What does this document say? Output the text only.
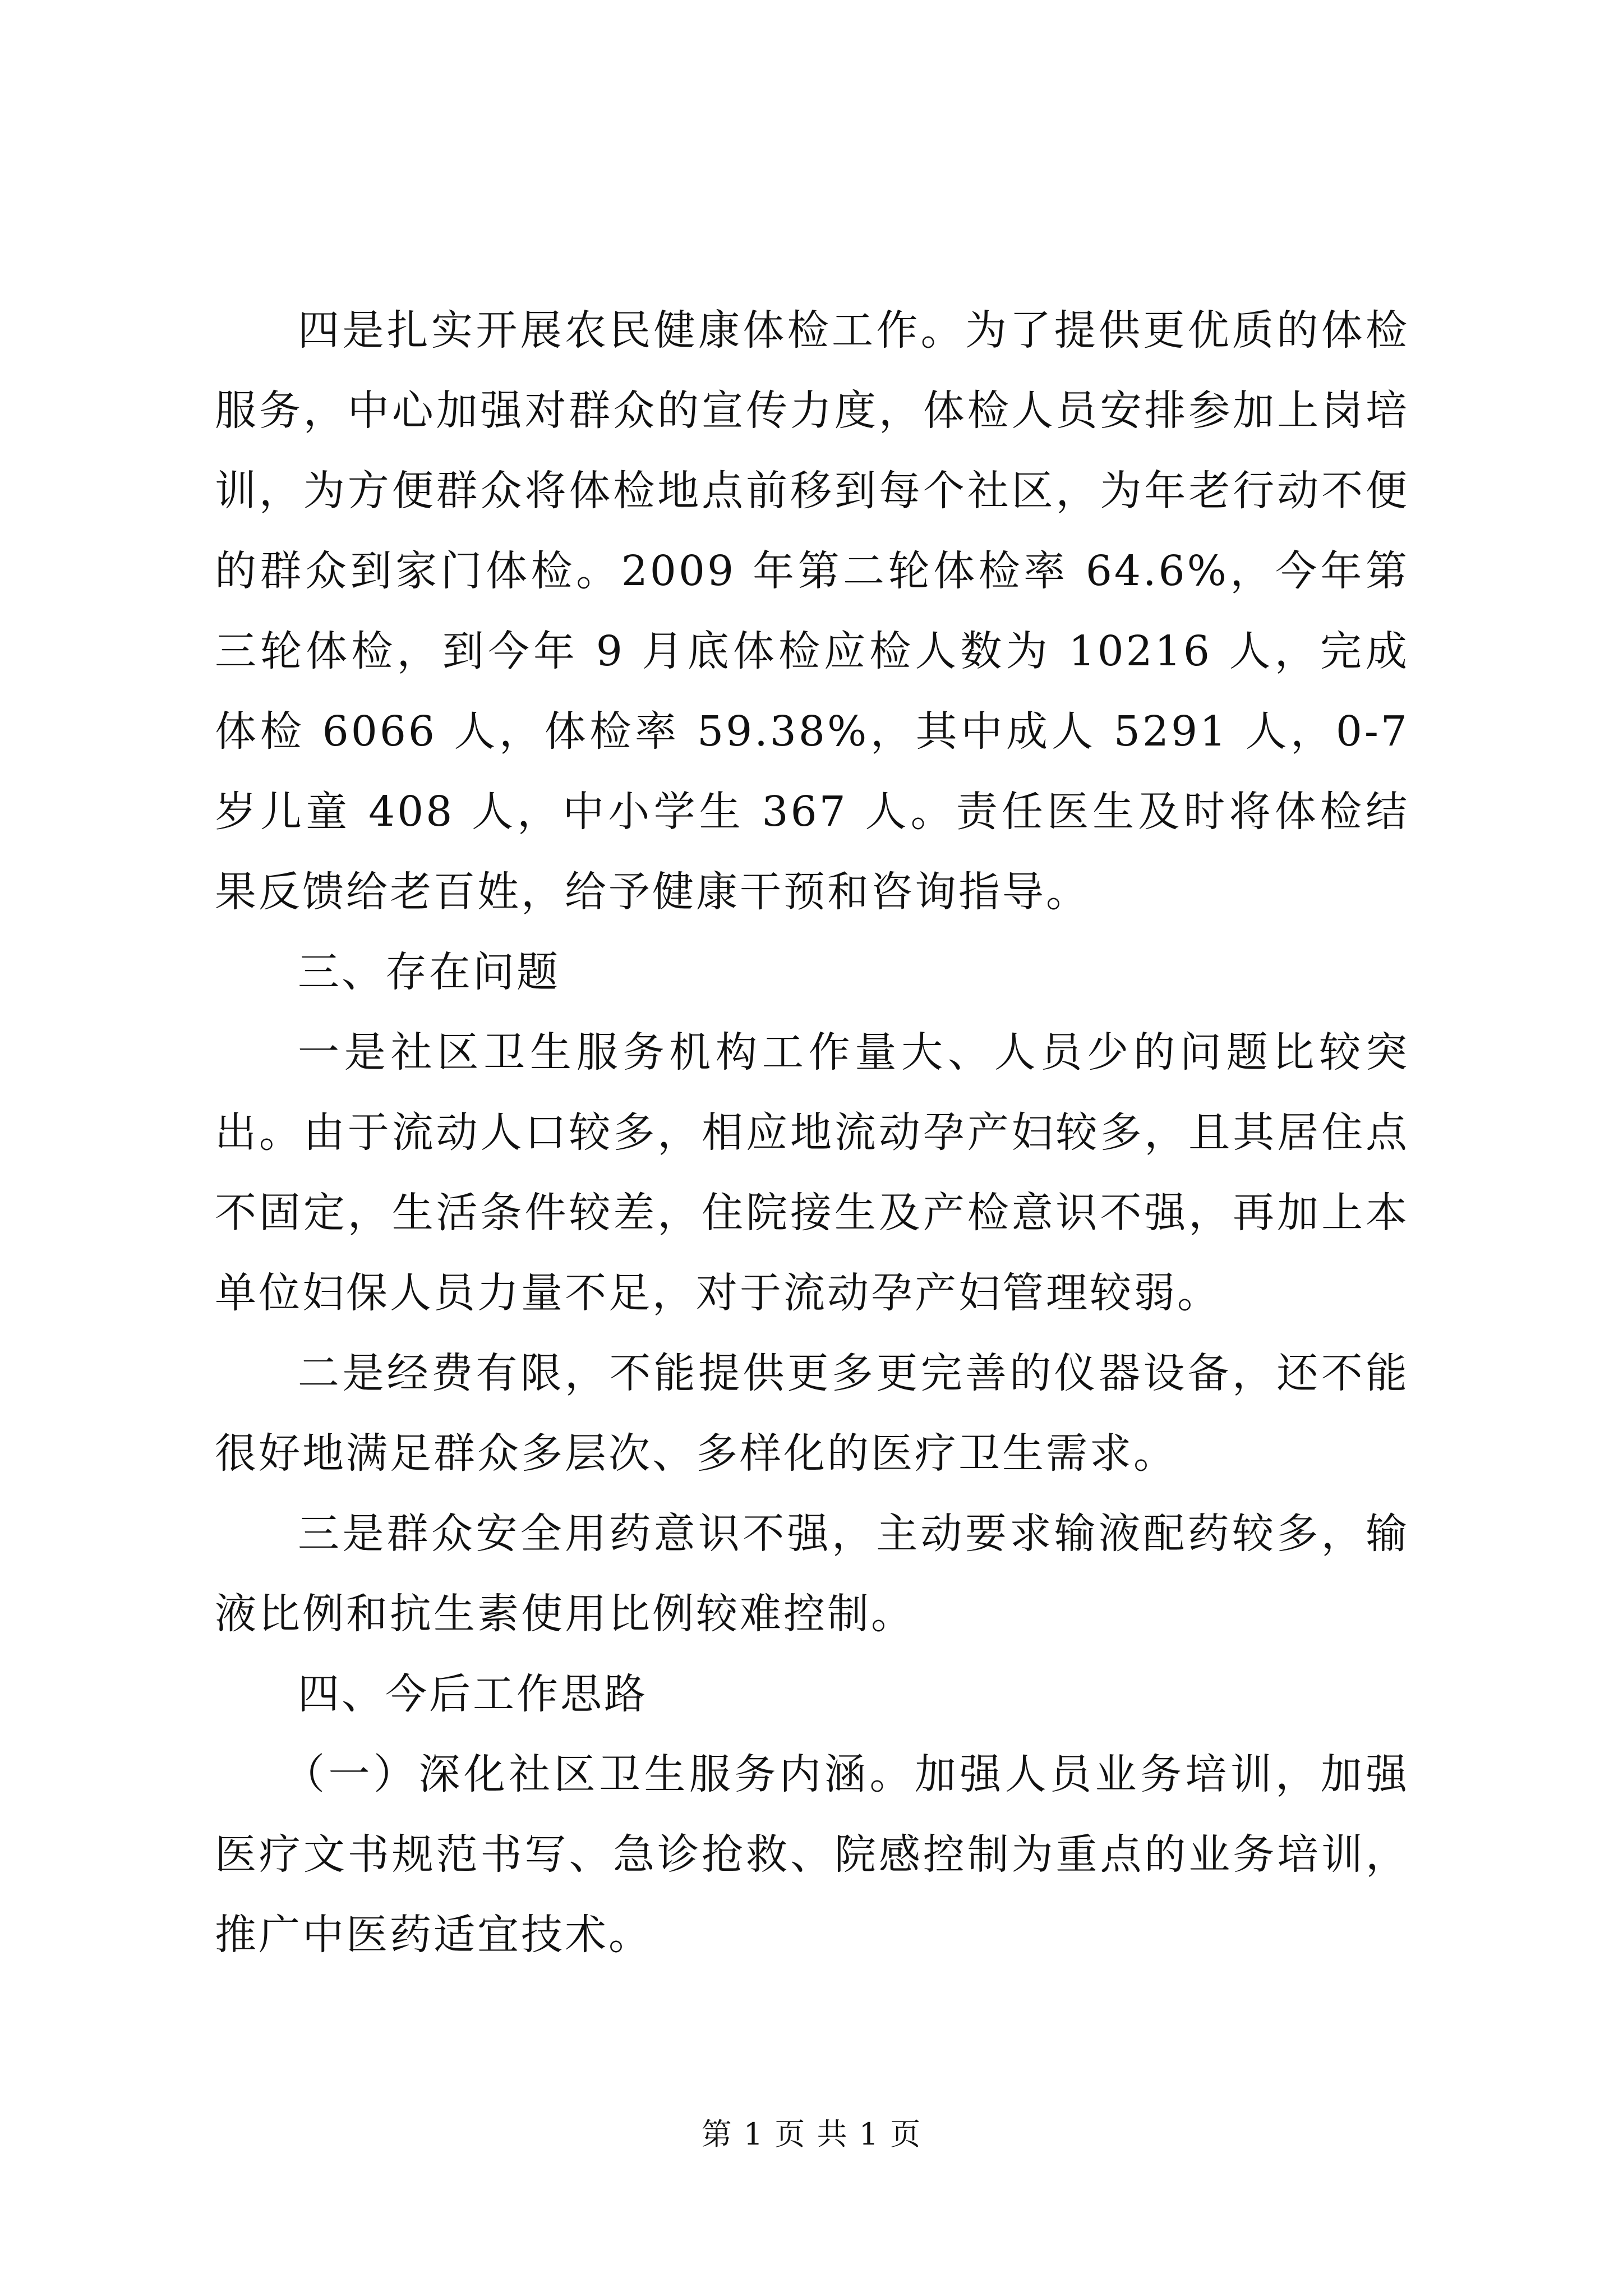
四是扎实开展农民健康体检工作。为了提供更优质的体检服务，中心加强对群众的宣传力度，体检人员安排参加上岗培训，为方便群众将体检地点前移到每个社区，为年老行动不便的群众到家门体检。2009 年第二轮体检率 64.6%，今年第三轮体检，到今年 9 月底体检应检人数为 10216 人，完成体检 6066 人，体检率 59.38%，其中成人 5291 人，0-7 岁儿童 408 人，中小学生 367 人。责任医生及时将体检结果反馈给老百姓，给予健康干预和咨询指导。

三、存在问题

一是社区卫生服务机构工作量大、人员少的问题比较突出。由于流动人口较多，相应地流动孕产妇较多，且其居住点不固定，生活条件较差，住院接生及产检意识不强，再加上本单位妇保人员力量不足，对于流动孕产妇管理较弱。

二是经费有限，不能提供更多更完善的仪器设备，还不能很好地满足群众多层次、多样化的医疗卫生需求。

三是群众安全用药意识不强，主动要求输液配药较多，输液比例和抗生素使用比例较难控制。

四、今后工作思路

（一）深化社区卫生服务内涵。加强人员业务培训，加强医疗文书规范书写、急诊抢救、院感控制为重点的业务培训，推广中医药适宜技术。

第 1 页 共 1 页
